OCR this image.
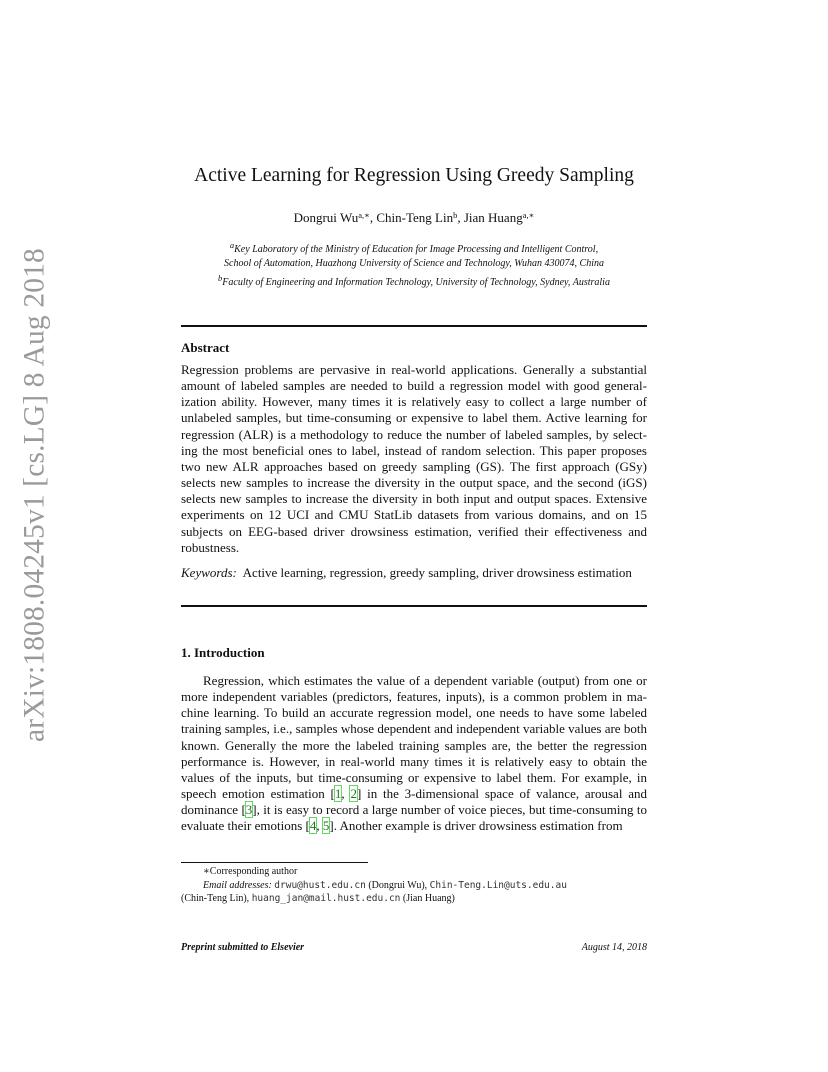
arXiv:1808.04245v1 [cs.LG] 8 Aug 2018
Active Learning for Regression Using Greedy Sampling
Dongrui $Wu^{a,∗}$, Chin-Teng Lin$^b$, Jian Huang$^{a,∗}$
$^a$Key Laboratory of the Ministry of Education for Image Processing and Intelligent Control,
School of Automation, Huazhong University of Science and Technology, Wuhan 430074, China
$^b$Faculty of Engineering and Information Technology, University of Technology, Sydney, Australia
Abstract

Regression problems are pervasive in real-world applications. Generally a substantial amount of labeled samples are needed to build a regression model with good generalization ability. However, many times it is relatively easy to collect a large number of unlabeled samples, but time-consuming or expensive to label them. Active learning for regression (ALR) is a methodology to reduce the number of labeled samples, by selecting the most beneficial ones to label, instead of random selection. This paper proposes two new ALR approaches based on greedy sampling (GS). The first approach (GSy) selects new samples to increase the diversity in the output space, and the second (iGS) selects new samples to increase the diversity in both input and output spaces. Extensive experiments on 12 UCI and CMU StatLib datasets from various domains, and on 15 subjects on EEG-based driver drowsiness estimation, verified their effectiveness and robustness.

Keywords: Active learning, regression, greedy sampling, driver drowsiness estimation

1. Introduction

Regression, which estimates the value of a dependent variable (output) from one or more independent variables (predictors, features, inputs), is a common problem in machine learning. To build an accurate regression model, one needs to have some labeled training samples, i.e., samples whose dependent and independent variable values are both known. Generally the more the labeled training samples are, the better the regression performance is. However, in real-world many times it is relatively easy to obtain the values of the inputs, but time-consuming or expensive to label them. For example, in speech emotion estimation [1, 2] in the 3-dimensional space of valance, arousal and dominance [3], it is easy to record a large number of voice pieces, but time-consuming to evaluate their emotions [4, 5]. Another example is driver drowsiness estimation from

∗Corresponding author
Email addresses: drwu@hust.edu.cn (Dongrui Wu), Chin-Teng.Lin@uts.edu.au
(Chin-Teng Lin), huang_jan@mail.hust.edu.cn (Jian Huang)
Preprint submitted to Elsevier	August 14, 2018
